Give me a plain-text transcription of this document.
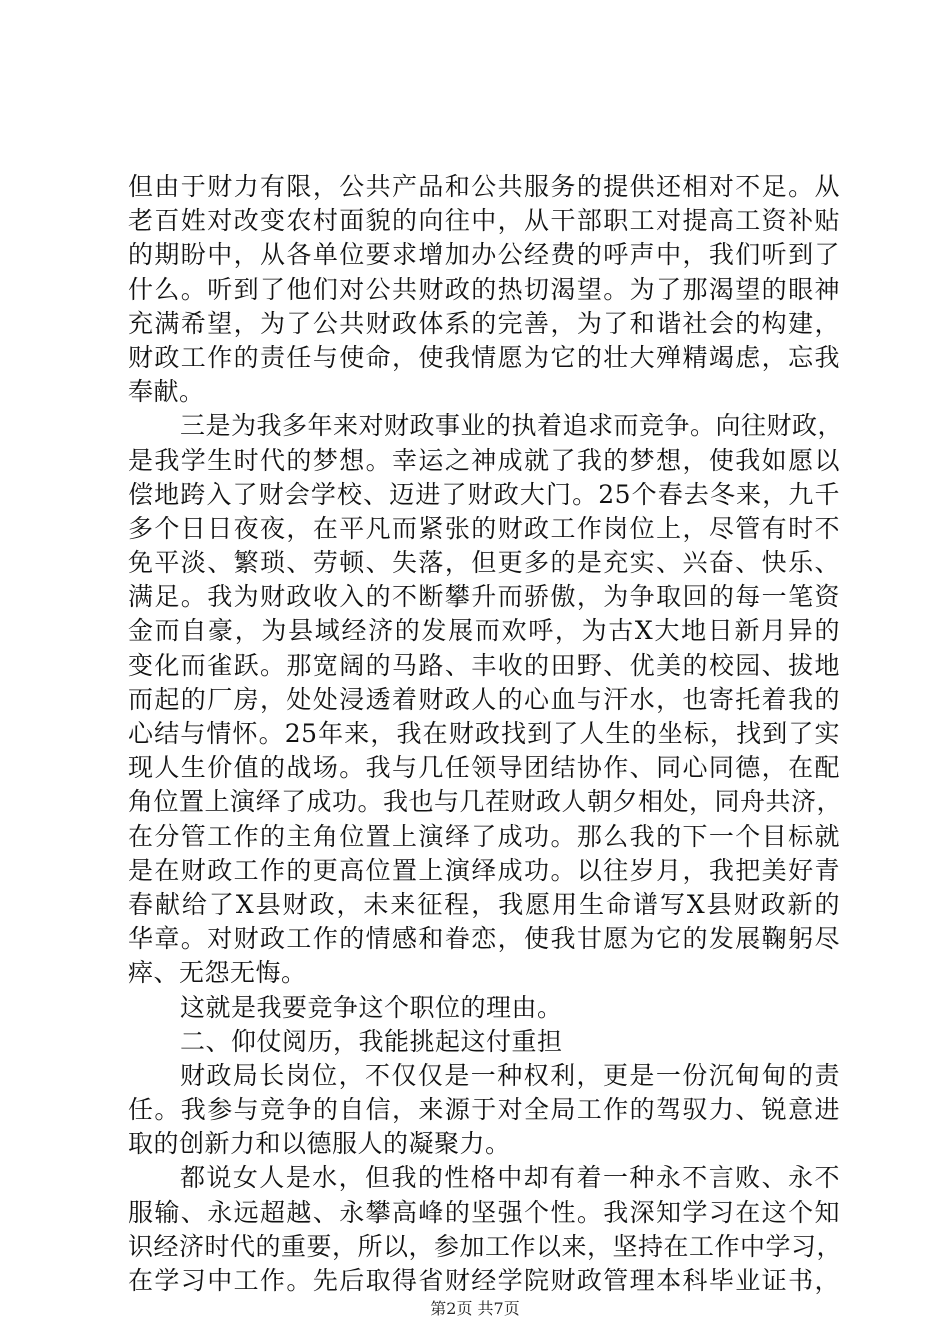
但由于财力有限，公共产品和公共服务的提供还相对不足。从
老百姓对改变农村面貌的向往中，从干部职工对提高工资补贴
的期盼中，从各单位要求增加办公经费的呼声中，我们听到了
什么。听到了他们对公共财政的热切渴望。为了那渴望的眼神
充满希望，为了公共财政体系的完善，为了和谐社会的构建，
财政工作的责任与使命，使我情愿为它的壮大殚精竭虑，忘我
奉献。
三是为我多年来对财政事业的执着追求而竞争。向往财政，
是我学生时代的梦想。幸运之神成就了我的梦想，使我如愿以
偿地跨入了财会学校、迈进了财政大门。25个春去冬来，九千
多个日日夜夜，在平凡而紧张的财政工作岗位上，尽管有时不
免平淡、繁琐、劳顿、失落，但更多的是充实、兴奋、快乐、
满足。我为财政收入的不断攀升而骄傲，为争取回的每一笔资
金而自豪，为县域经济的发展而欢呼，为古X大地日新月异的
变化而雀跃。那宽阔的马路、丰收的田野、优美的校园、拔地
而起的厂房，处处浸透着财政人的心血与汗水，也寄托着我的
心结与情怀。25年来，我在财政找到了人生的坐标，找到了实
现人生价值的战场。我与几任领导团结协作、同心同德，在配
角位置上演绎了成功。我也与几茬财政人朝夕相处，同舟共济，
在分管工作的主角位置上演绎了成功。那么我的下一个目标就
是在财政工作的更高位置上演绎成功。以往岁月，我把美好青
春献给了X县财政，未来征程，我愿用生命谱写X县财政新的
华章。对财政工作的情感和眷恋，使我甘愿为它的发展鞠躬尽
瘁、无怨无悔。
这就是我要竞争这个职位的理由。
二、仰仗阅历，我能挑起这付重担
财政局长岗位，不仅仅是一种权利，更是一份沉甸甸的责
任。我参与竞争的自信，来源于对全局工作的驾驭力、锐意进
取的创新力和以德服人的凝聚力。
都说女人是水，但我的性格中却有着一种永不言败、永不
服输、永远超越、永攀高峰的坚强个性。我深知学习在这个知
识经济时代的重要，所以，参加工作以来，坚持在工作中学习，
在学习中工作。先后取得省财经学院财政管理本科毕业证书，
第2页 共7页
